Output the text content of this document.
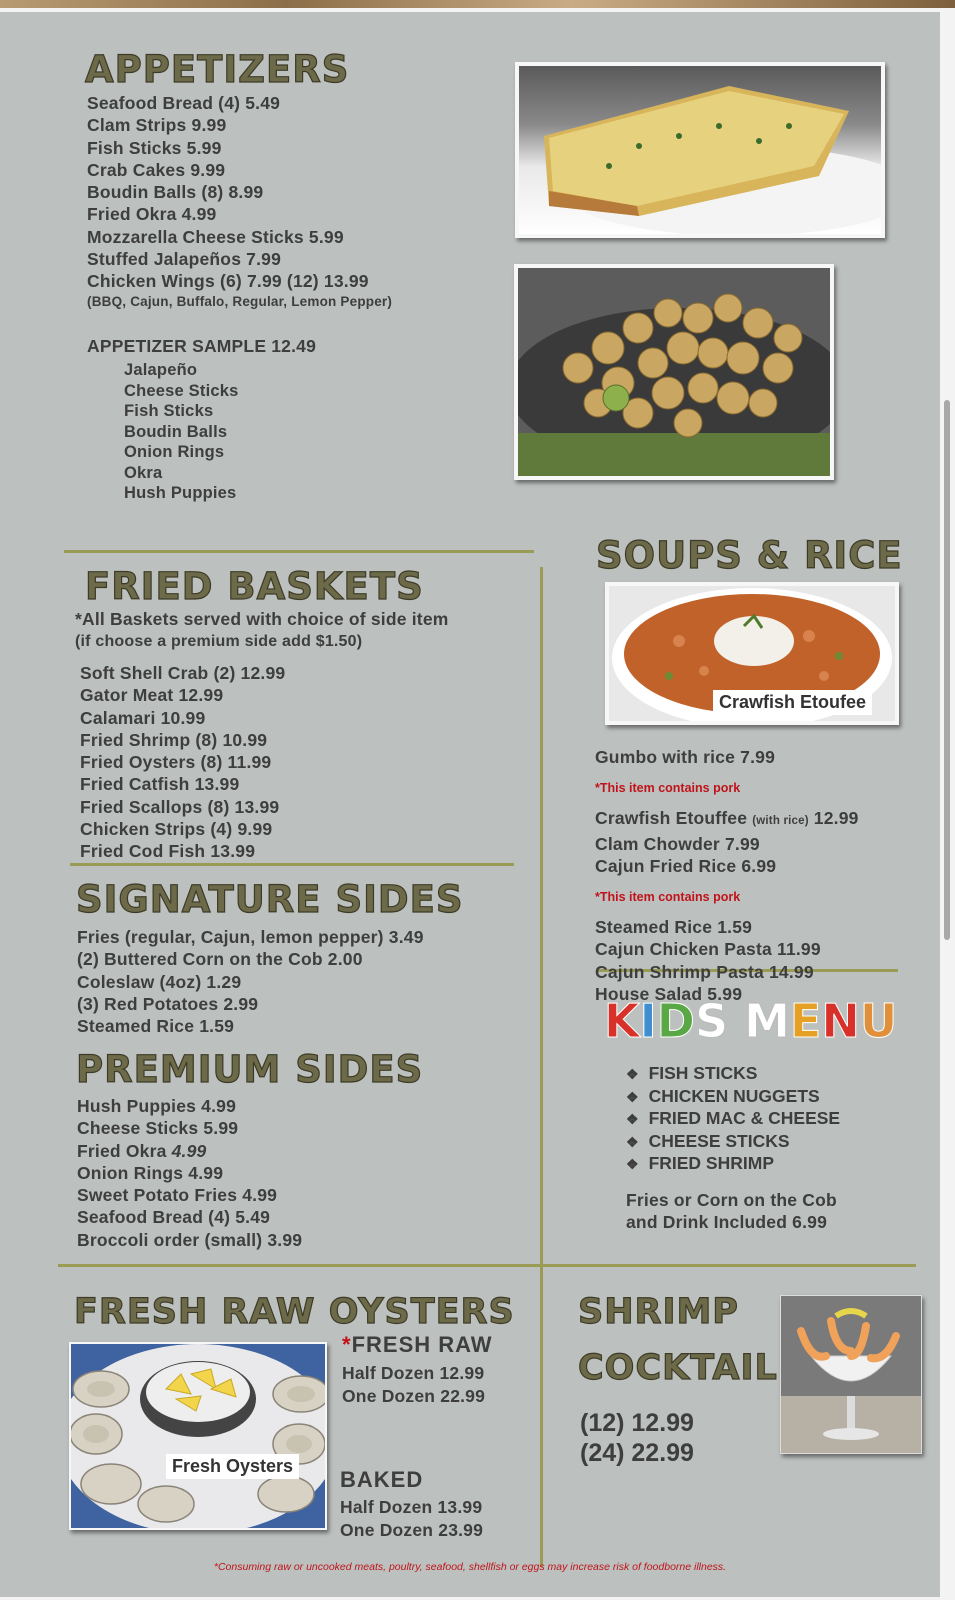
APPETIZERS

Seafood Bread (4) 5.49

Clam Strips 9.99

Fish Sticks 5.99

Crab Cakes 9.99

Boudin Balls (8) 8.99

Fried Okra 4.99

Mozzarella Cheese Sticks 5.99

Stuffed Jalapeños 7.99

Chicken Wings (6) 7.99 (12) 13.99

(BBQ, Cajun, Buffalo, Regular, Lemon Pepper)

APPETIZER SAMPLE 12.49

Jalapeño

Cheese Sticks

Fish Sticks

Boudin Balls

Onion Rings

Okra

Hush Puppies

FRIED BASKETS
*All Baskets served with choice of side item
(if choose a premium side add $1.50)

Soft Shell Crab (2) 12.99

Gator Meat 12.99

Calamari 10.99

Fried Shrimp (8) 10.99

Fried Oysters (8) 11.99

Fried Catfish 13.99

Fried Scallops (8) 13.99

Chicken Strips (4) 9.99

Fried Cod Fish 13.99

SIGNATURE SIDES

Fries (regular, Cajun, lemon pepper) 3.49

(2) Buttered Corn on the Cob 2.00

Coleslaw (4oz) 1.29

(3) Red Potatoes 2.99

Steamed Rice 1.59

PREMIUM SIDES

Hush Puppies 4.99

Cheese Sticks 5.99

Fried Okra 4.99

Onion Rings 4.99

Sweet Potato Fries 4.99

Seafood Bread (4) 5.49

Broccoli order (small) 3.99

SOUPS & RICE
Crawfish Etoufee

Gumbo with rice 7.99

*This item contains pork

Crawfish Etouffee (with rice) 12.99

Clam Chowder 7.99

Cajun Fried Rice 6.99

*This item contains pork

Steamed Rice 1.59

Cajun Chicken Pasta 11.99

Cajun Shrimp Pasta 14.99

House Salad 5.99

KIDS MENU
❖ FISH STICKS
❖ CHICKEN NUGGETS
❖ FRIED MAC & CHEESE
❖ CHEESE STICKS
❖ FRIED SHRIMP
Fries or Corn on the Cob
and Drink Included 6.99
FRESH RAW OYSTERS
Fresh Oysters
*FRESH RAW
Half Dozen 12.99
One Dozen 22.99
BAKED
Half Dozen 13.99
One Dozen 23.99
SHRIMP
COCKTAIL
(12) 12.99
(24) 22.99
*Consuming raw or uncooked meats, poultry, seafood, shellfish or eggs may increase risk of foodborne illness.
